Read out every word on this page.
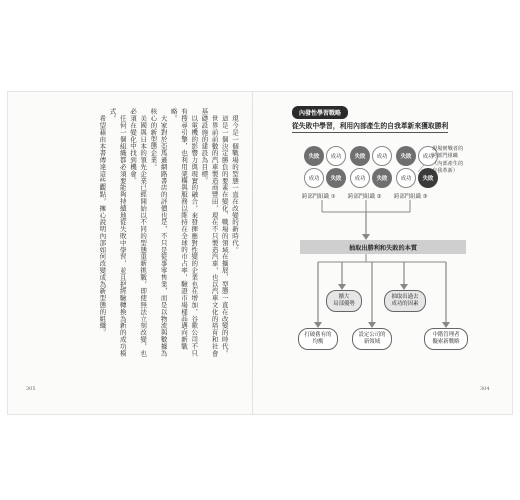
現今是一個戰場的型態一直在改變的新時代。

這是一個決定勝負的要素在變化、戰場的領域在擴展、型態一直在改變的時代。

世界前前數的汽車製造商豐田，現在不只製造汽車，也以汽車文化的培育和社會基礎設施的建設為目標。

以電機的影響力與現實的融合，來發揮應對性變的企業也在增加，谷歌公司不只有搜尋引擎，也利用架構與服務以維持在全球的市占率，驗證市場樣品邁向新戰略。

大家對於亞馬遜網路書店的評價也是，不只是從事零售業，而是以物流與數據為核心的新型態企業。

美國與日本的領先企業已經開始以不同的型態重新挑戰，即使無法立刻改變，也必須在變化中找到機會。

任何一個組織都必須要能夠持續地從失敗中學習，並且把經驗轉換為新的成功模式。

希望藉由本書傳達這些觀點，擁心說明內部如何改變成為新型態的組織。

305
內發性學習戰略
從失敗中學習，利用內部產生的自我革新來獲取勝利
失敗	成功
成功	失敗
跨部門組織 ①
失敗	成功
成功	失敗
跨部門組織 ②
失敗	成功
成功	失敗
跨部門組織 ③
現場實戰者的
跨部門組織
（內部產生的
自我革新）
抽取出勝利和失敗的本質
擴大
局部優勢
抽取出過去
成功的因素
打破舊有的
均衡
設定公司的
新領域
中階管理者
擬索新戰略
304
